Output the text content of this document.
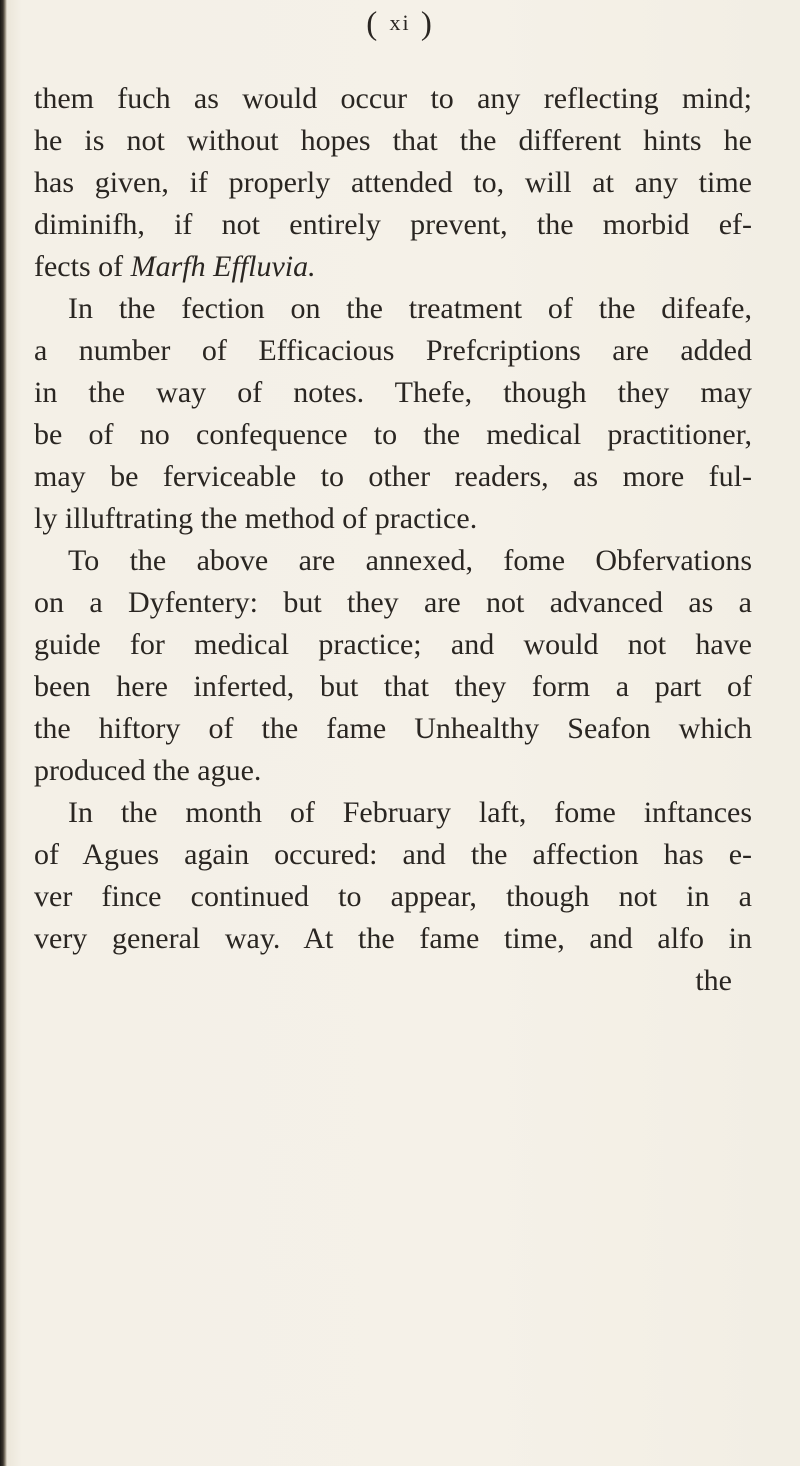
( xi )
them fuch as would occur to any reflecting mind;
he is not without hopes that the different hints he
has given, if properly attended to, will at any time
diminifh, if not entirely prevent, the morbid ef-
fects of Marfh Effluvia.
In the fection on the treatment of the difeafe,
a number of Efficacious Prefcriptions are added
in the way of notes. Thefe, though they may
be of no confequence to the medical practitioner,
may be ferviceable to other readers, as more ful-
ly illuftrating the method of practice.
To the above are annexed, fome Obfervations
on a Dyfentery: but they are not advanced as a
guide for medical practice; and would not have
been here inferted, but that they form a part of
the hiftory of the fame Unhealthy Seafon which
produced the ague.
In the month of February laft, fome inftances
of Agues again occured: and the affection has e-
ver fince continued to appear, though not in a
very general way. At the fame time, and alfo in
the
